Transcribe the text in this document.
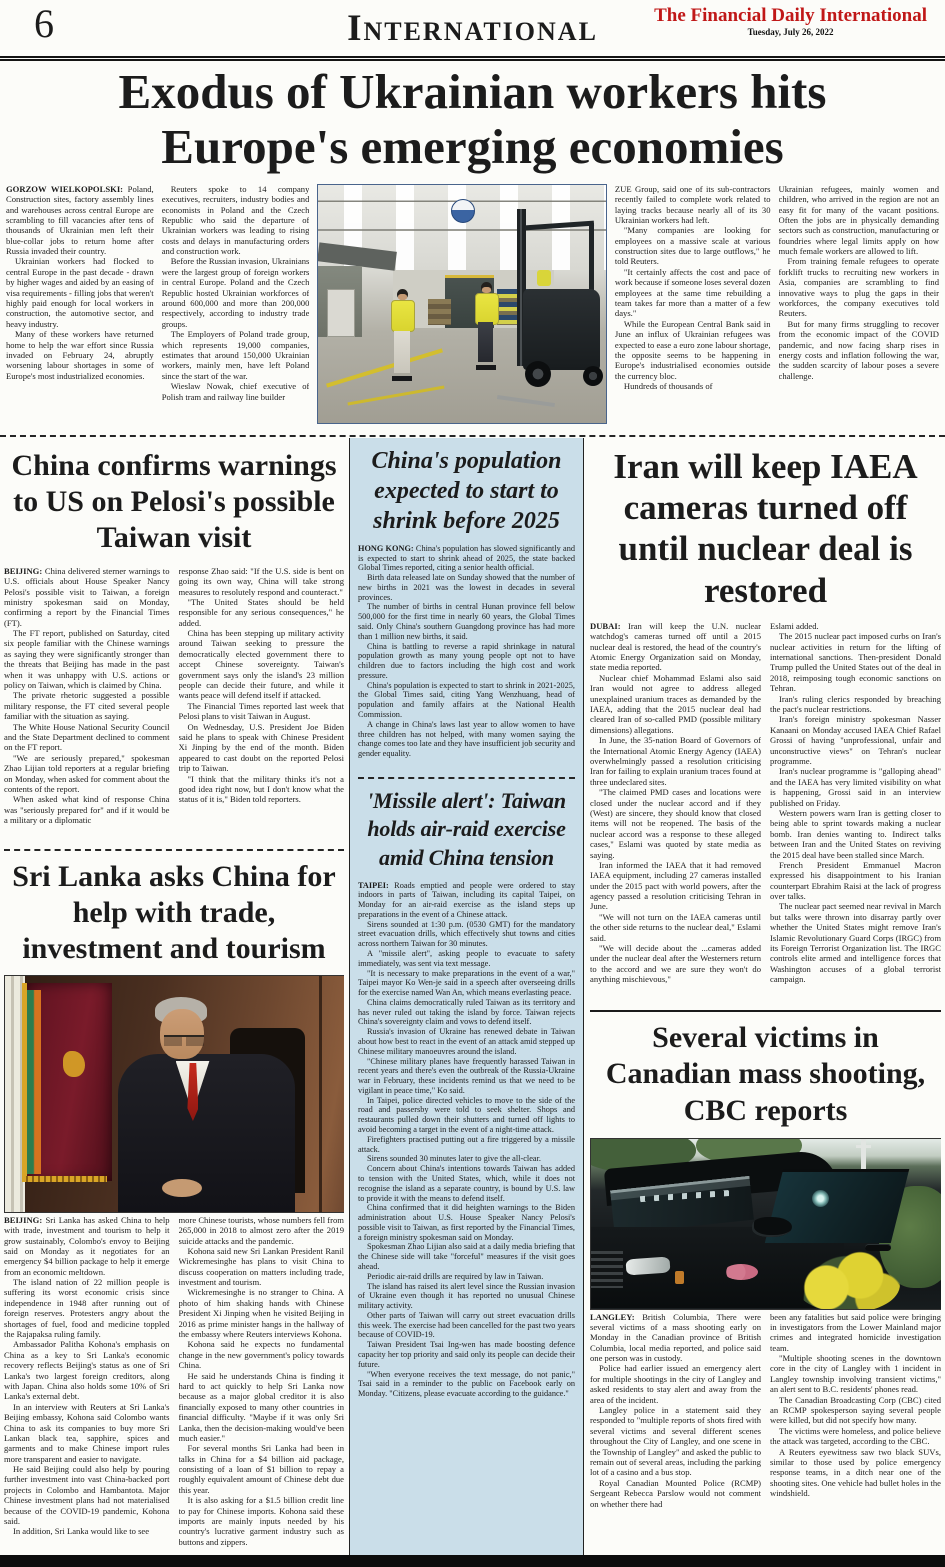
6	International	The Financial Daily International
Tuesday, July 26, 2022
Exodus of Ukrainian workers hits Europe's emerging economies

GORZOW WIELKOPOLSKI: Poland, Construction sites, factory assembly lines and warehouses across central Europe are scrambling to fill vacancies after tens of thousands of Ukrainian men left their blue-collar jobs to return home after Russia invaded their country.

Ukrainian workers had flocked to central Europe in the past decade - drawn by higher wages and aided by an easing of visa requirements - filling jobs that weren't highly paid enough for local workers in construction, the automotive sector, and heavy industry.

Many of these workers have returned home to help the war effort since Russia invaded on February 24, abruptly worsening labour shortages in some of Europe's most industrialized economies.

Reuters spoke to 14 company executives, recruiters, industry bodies and economists in Poland and the Czech Republic who said the departure of Ukrainian workers was leading to rising costs and delays in manufacturing orders and construction work.

Before the Russian invasion, Ukrainians were the largest group of foreign workers in central Europe. Poland and the Czech Republic hosted Ukrainian workforces of around 600,000 and more than 200,000 respectively, according to industry trade groups.

The Employers of Poland trade group, which represents 19,000 companies, estimates that around 150,000 Ukrainian workers, mainly men, have left Poland since the start of the war.

Wieslaw Nowak, chief executive of Polish tram and railway line builder

ZUE Group, said one of its sub-contractors recently failed to complete work related to laying tracks because nearly all of its 30 Ukrainian workers had left.

"Many companies are looking for employees on a massive scale at various construction sites due to large outflows," he told Reuters.

"It certainly affects the cost and pace of work because if someone loses several dozen employees at the same time rebuilding a team takes far more than a matter of a few days."

While the European Central Bank said in June an influx of Ukrainian refugees was expected to ease a euro zone labour shortage, the opposite seems to be happening in Europe's industrialised economies outside the currency bloc.

Hundreds of thousands of

Ukrainian refugees, mainly women and children, who arrived in the region are not an easy fit for many of the vacant positions. Often the jobs are in physically demanding sectors such as construction, manufacturing or foundries where legal limits apply on how much female workers are allowed to lift.

From training female refugees to operate forklift trucks to recruiting new workers in Asia, companies are scrambling to find innovative ways to plug the gaps in their workforces, the company executives told Reuters.

But for many firms struggling to recover from the economic impact of the COVID pandemic, and now facing sharp rises in energy costs and inflation following the war, the sudden scarcity of labour poses a severe challenge.

China confirms warnings to US on Pelosi's possible Taiwan visit

BEIJING: China delivered sterner warnings to U.S. officials about House Speaker Nancy Pelosi's possible visit to Taiwan, a foreign ministry spokesman said on Monday, confirming a report by the Financial Times (FT).

The FT report, published on Saturday, cited six people familiar with the Chinese warnings as saying they were significantly stronger than the threats that Beijing has made in the past when it was unhappy with U.S. actions or policy on Taiwan, which is claimed by China.

The private rhetoric suggested a possible military response, the FT cited several people familiar with the situation as saying.

The White House National Security Council and the State Department declined to comment on the FT report.

"We are seriously prepared," spokesman Zhao Lijian told reporters at a regular briefing on Monday, when asked for comment about the contents of the report.

When asked what kind of response China was "seriously prepared for" and if it would be a military or a diplomatic

response Zhao said: "If the U.S. side is bent on going its own way, China will take strong measures to resolutely respond and counteract."

"The United States should be held responsible for any serious consequences," he added.

China has been stepping up military activity around Taiwan seeking to pressure the democratically elected government there to accept Chinese sovereignty. Taiwan's government says only the island's 23 million people can decide their future, and while it wants peace will defend itself if attacked.

The Financial Times reported last week that Pelosi plans to visit Taiwan in August.

On Wednesday, U.S. President Joe Biden said he plans to speak with Chinese President Xi Jinping by the end of the month. Biden appeared to cast doubt on the reported Pelosi trip to Taiwan.

"I think that the military thinks it's not a good idea right now, but I don't know what the status of it is," Biden told reporters.

Sri Lanka asks China for help with trade, investment and tourism

BEIJING: Sri Lanka has asked China to help with trade, investment and tourism to help it grow sustainably, Colombo's envoy to Beijing said on Monday as it negotiates for an emergency $4 billion package to help it emerge from an economic meltdown.

The island nation of 22 million people is suffering its worst economic crisis since independence in 1948 after running out of foreign reserves. Protesters angry about the shortages of fuel, food and medicine toppled the Rajapaksa ruling family.

Ambassador Palitha Kohona's emphasis on China as a key to Sri Lanka's economic recovery reflects Beijing's status as one of Sri Lanka's two largest foreign creditors, along with Japan. China also holds some 10% of Sri Lanka's external debt.

In an interview with Reuters at Sri Lanka's Beijing embassy, Kohona said Colombo wants China to ask its companies to buy more Sri Lankan black tea, sapphire, spices and garments and to make Chinese import rules more transparent and easier to navigate.

He said Beijing could also help by pouring further investment into vast China-backed port projects in Colombo and Hambantota. Major Chinese investment plans had not materialised because of the COVID-19 pandemic, Kohona said.

In addition, Sri Lanka would like to see

more Chinese tourists, whose numbers fell from 265,000 in 2018 to almost zero after the 2019 suicide attacks and the pandemic.

Kohona said new Sri Lankan President Ranil Wickremesinghe has plans to visit China to discuss cooperation on matters including trade, investment and tourism.

Wickremesinghe is no stranger to China. A photo of him shaking hands with Chinese President Xi Jinping when he visited Beijing in 2016 as prime minister hangs in the hallway of the embassy where Reuters interviews Kohona.

Kohona said he expects no fundamental change in the new government's policy towards China.

He said he understands China is finding it hard to act quickly to help Sri Lanka now because as a major global creditor it is also financially exposed to many other countries in financial difficulty. "Maybe if it was only Sri Lanka, then the decision-making would've been much easier."

For several months Sri Lanka had been in talks in China for a $4 billion aid package, consisting of a loan of $1 billion to repay a roughly equivalent amount of Chinese debt due this year.

It is also asking for a $1.5 billion credit line to pay for Chinese imports. Kohona said these imports are mainly inputs needed by his country's lucrative garment industry such as buttons and zippers.

China's population expected to start to shrink before 2025

HONG KONG: China's population has slowed significantly and is expected to start to shrink ahead of 2025, the state backed Global Times reported, citing a senior health official.

Birth data released late on Sunday showed that the number of new births in 2021 was the lowest in decades in several provinces.

The number of births in central Hunan province fell below 500,000 for the first time in nearly 60 years, the Global Times said. Only China's southern Guangdong province has had more than 1 million new births, it said.

China is battling to reverse a rapid shrinkage in natural population growth as many young people opt not to have children due to factors including the high cost and work pressure.

China's population is expected to start to shrink in 2021-2025, the Global Times said, citing Yang Wenzhuang, head of population and family affairs at the National Health Commission.

A change in China's laws last year to allow women to have three children has not helped, with many women saying the change comes too late and they have insufficient job security and gender equality.

'Missile alert': Taiwan holds air-raid exercise amid China tension

TAIPEI: Roads emptied and people were ordered to stay indoors in parts of Taiwan, including its capital Taipei, on Monday for an air-raid exercise as the island steps up preparations in the event of a Chinese attack.

Sirens sounded at 1:30 p.m. (0530 GMT) for the mandatory street evacuation drills, which effectively shut towns and cities across northern Taiwan for 30 minutes.

A "missile alert", asking people to evacuate to safety immediately, was sent via text message.

"It is necessary to make preparations in the event of a war," Taipei mayor Ko Wen-je said in a speech after overseeing drills for the exercise named Wan An, which means everlasting peace.

China claims democratically ruled Taiwan as its territory and has never ruled out taking the island by force. Taiwan rejects China's sovereignty claim and vows to defend itself.

Russia's invasion of Ukraine has renewed debate in Taiwan about how best to react in the event of an attack amid stepped up Chinese military manoeuvres around the island.

"Chinese military planes have frequently harassed Taiwan in recent years and there's even the outbreak of the Russia-Ukraine war in February, these incidents remind us that we need to be vigilant in peace time," Ko said.

In Taipei, police directed vehicles to move to the side of the road and passersby were told to seek shelter. Shops and restaurants pulled down their shutters and turned off lights to avoid becoming a target in the event of a night-time attack.

Firefighters practised putting out a fire triggered by a missile attack.

Sirens sounded 30 minutes later to give the all-clear.

Concern about China's intentions towards Taiwan has added to tension with the United States, which, while it does not recognise the island as a separate country, is bound by U.S. law to provide it with the means to defend itself.

China confirmed that it did heighten warnings to the Biden administration about U.S. House Speaker Nancy Pelosi's possible visit to Taiwan, as first reported by the Financial Times, a foreign ministry spokesman said on Monday.

Spokesman Zhao Lijian also said at a daily media briefing that the Chinese side will take "forceful" measures if the visit goes ahead.

Periodic air-raid drills are required by law in Taiwan.

The island has raised its alert level since the Russian invasion of Ukraine even though it has reported no unusual Chinese military activity.

Other parts of Taiwan will carry out street evacuation drills this week. The exercise had been cancelled for the past two years because of COVID-19.

Taiwan President Tsai Ing-wen has made boosting defence capacity her top priority and said only its people can decide their future.

"When everyone receives the text message, do not panic," Tsai said in a reminder to the public on Facebook early on Monday. "Citizens, please evacuate according to the guidance."

Iran will keep IAEA cameras turned off until nuclear deal is restored

DUBAI: Iran will keep the U.N. nuclear watchdog's cameras turned off until a 2015 nuclear deal is restored, the head of the country's Atomic Energy Organization said on Monday, state media reported.

Nuclear chief Mohammad Eslami also said Iran would not agree to address alleged unexplained uranium traces as demanded by the IAEA, adding that the 2015 nuclear deal had cleared Iran of so-called PMD (possible military dimensions) allegations.

In June, the 35-nation Board of Governors of the International Atomic Energy Agency (IAEA) overwhelmingly passed a resolution criticising Iran for failing to explain uranium traces found at three undeclared sites.

"The claimed PMD cases and locations were closed under the nuclear accord and if they (West) are sincere, they should know that closed items will not be reopened. The basis of the nuclear accord was a response to these alleged cases," Eslami was quoted by state media as saying.

Iran informed the IAEA that it had removed IAEA equipment, including 27 cameras installed under the 2015 pact with world powers, after the agency passed a resolution criticising Tehran in June.

"We will not turn on the IAEA cameras until the other side returns to the nuclear deal," Eslami said.

"We will decide about the ...cameras added under the nuclear deal after the Westerners return to the accord and we are sure they won't do anything mischievous,"

Eslami added.

The 2015 nuclear pact imposed curbs on Iran's nuclear activities in return for the lifting of international sanctions. Then-president Donald Trump pulled the United States out of the deal in 2018, reimposing tough economic sanctions on Tehran.

Iran's ruling clerics responded by breaching the pact's nuclear restrictions.

Iran's foreign ministry spokesman Nasser Kanaani on Monday accused IAEA Chief Rafael Grossi of having "unprofessional, unfair and unconstructive views" on Tehran's nuclear programme.

Iran's nuclear programme is "galloping ahead" and the IAEA has very limited visibility on what is happening, Grossi said in an interview published on Friday.

Western powers warn Iran is getting closer to being able to sprint towards making a nuclear bomb. Iran denies wanting to. Indirect talks between Iran and the United States on reviving the 2015 deal have been stalled since March.

French President Emmanuel Macron expressed his disappointment to his Iranian counterpart Ebrahim Raisi at the lack of progress over talks.

The nuclear pact seemed near revival in March but talks were thrown into disarray partly over whether the United States might remove Iran's Islamic Revolutionary Guard Corps (IRGC) from its Foreign Terrorist Organization list. The IRGC controls elite armed and intelligence forces that Washington accuses of a global terrorist campaign.

Several victims in Canadian mass shooting, CBC reports

LANGLEY: British Columbia, There were several victims of a mass shooting early on Monday in the Canadian province of British Columbia, local media reported, and police said one person was in custody.

Police had earlier issued an emergency alert for multiple shootings in the city of Langley and asked residents to stay alert and away from the area of the incident.

Langley police in a statement said they responded to "multiple reports of shots fired with several victims and several different scenes throughout the City of Langley, and one scene in the Township of Langley" and asked the public to remain out of several areas, including the parking lot of a casino and a bus stop.

Royal Canadian Mounted Police (RCMP) Sergeant Rebecca Parslow would not comment on whether there had

been any fatalities but said police were bringing in investigators from the Lower Mainland major crimes and integrated homicide investigation team.

"Multiple shooting scenes in the downtown core in the city of Langley with 1 incident in Langley township involving transient victims," an alert sent to B.C. residents' phones read.

The Canadian Broadcasting Corp (CBC) cited an RCMP spokesperson saying several people were killed, but did not specify how many.

The victims were homeless, and police believe the attack was targeted, according to the CBC.

A Reuters eyewitness saw two black SUVs, similar to those used by police emergency response teams, in a ditch near one of the shooting sites. One vehicle had bullet holes in the windshield.
